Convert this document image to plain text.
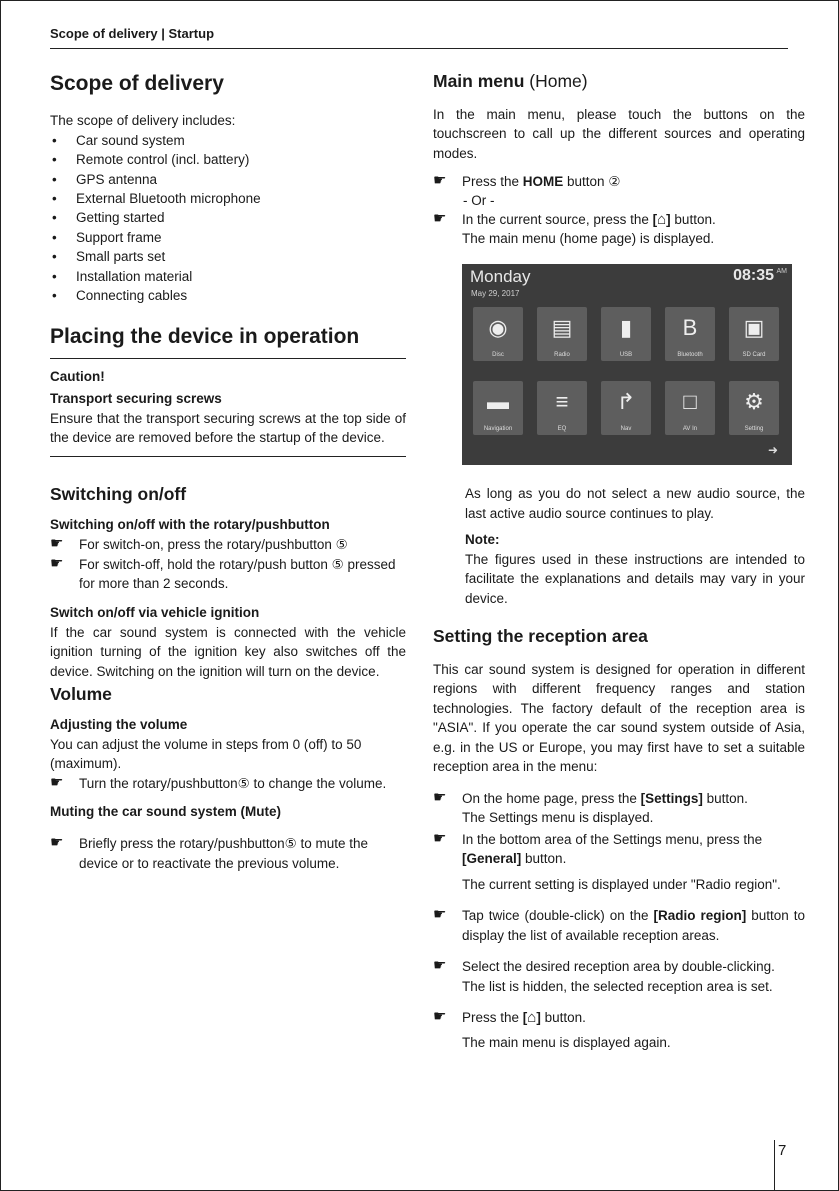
Scope of delivery | Startup
Scope of delivery

The scope of delivery includes:

• Car sound system
• Remote control (incl. battery)
• GPS antenna
• External Bluetooth microphone
• Getting started
• Support frame
• Small parts set
• Installation material
• Connecting cables
Placing the device in operation
Caution!
Transport securing screws

Ensure that the transport securing screws at the top side of the device are removed before the startup of the device.

Switching on/off
Switching on/off with the rotary/pushbutton
☛ For switch-on, press the rotary/pushbutton ⑤
☛ For switch-off, hold the rotary/push button ⑤ pressed for more than 2 seconds.
Switch on/off via vehicle ignition

If the car sound system is connected with the vehicle ignition turning of the ignition key also switches off the device. Switching on the ignition will turn on the device.

Volume
Adjusting the volume

You can adjust the volume in steps from 0 (off) to 50 (maximum).

☛ Turn the rotary/pushbutton⑤ to change the volume.
Muting the car sound system (Mute)
☛ Briefly press the rotary/pushbutton⑤ to mute the device or to reactivate the previous volume.
Main menu (Home)

In the main menu, please touch the buttons on the touchscreen to call up the different sources and operating modes.

☛ Press the HOME button ②
- Or -
☛ In the current source, press the [⌂] button.
The main menu (home page) is displayed.
Monday
May 29, 2017
08:35 AM
◉
Disc
▤
Radio
▮
USB
B
Bluetooth
▣
SD Card
▬
Navigation
≡
EQ
↱
Nav
□
AV In
⚙
Setting
➜

As long as you do not select a new audio source, the last active audio source continues to play.

Note:

The figures used in these instructions are intended to facilitate the explanations and details may vary in your device.

Setting the reception area

This car sound system is designed for operation in different regions with different frequency ranges and station technologies. The factory default of the reception area is "ASIA". If you operate the car sound system outside of Asia, e.g. in the US or Europe, you may first have to set a suitable reception area in the menu:

☛ On the home page, press the [Settings] button.
The Settings menu is displayed.
☛ In the bottom area of the Settings menu, press the
[General] button.
The current setting is displayed under "Radio region".
☛ Tap twice (double-click) on the [Radio region] button to display the list of available reception areas.
☛ Select the desired reception area by double-clicking.
The list is hidden, the selected reception area is set.
☛ Press the [⌂] button.
The main menu is displayed again.
7
